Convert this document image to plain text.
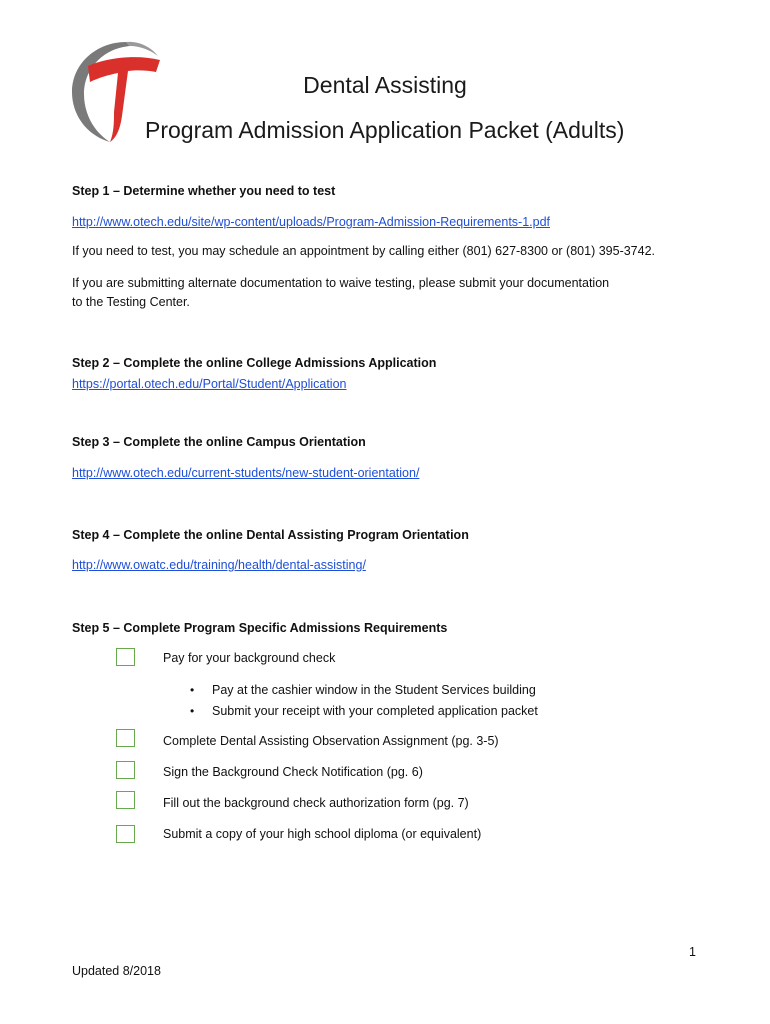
Dental Assisting
Program Admission Application Packet (Adults)
Step 1 – Determine whether you need to test
http://www.otech.edu/site/wp-content/uploads/Program-Admission-Requirements-1.pdf
If you need to test, you may schedule an appointment by calling either (801) 627-8300 or (801) 395-3742.
If you are submitting alternate documentation to waive testing, please submit your documentation
to the Testing Center.
Step 2 – Complete the online College Admissions Application
https://portal.otech.edu/Portal/Student/Application
Step 3 – Complete the online Campus Orientation
http://www.otech.edu/current-students/new-student-orientation/
Step 4 – Complete the online Dental Assisting Program Orientation
http://www.owatc.edu/training/health/dental-assisting/
Step 5 – Complete Program Specific Admissions Requirements
Pay for your background check
• Pay at the cashier window in the Student Services building
• Submit your receipt with your completed application packet
Complete Dental Assisting Observation Assignment (pg. 3-5)
Sign the Background Check Notification (pg. 6)
Fill out the background check authorization form (pg. 7)
Submit a copy of your high school diploma (or equivalent)
1
Updated 8/2018
